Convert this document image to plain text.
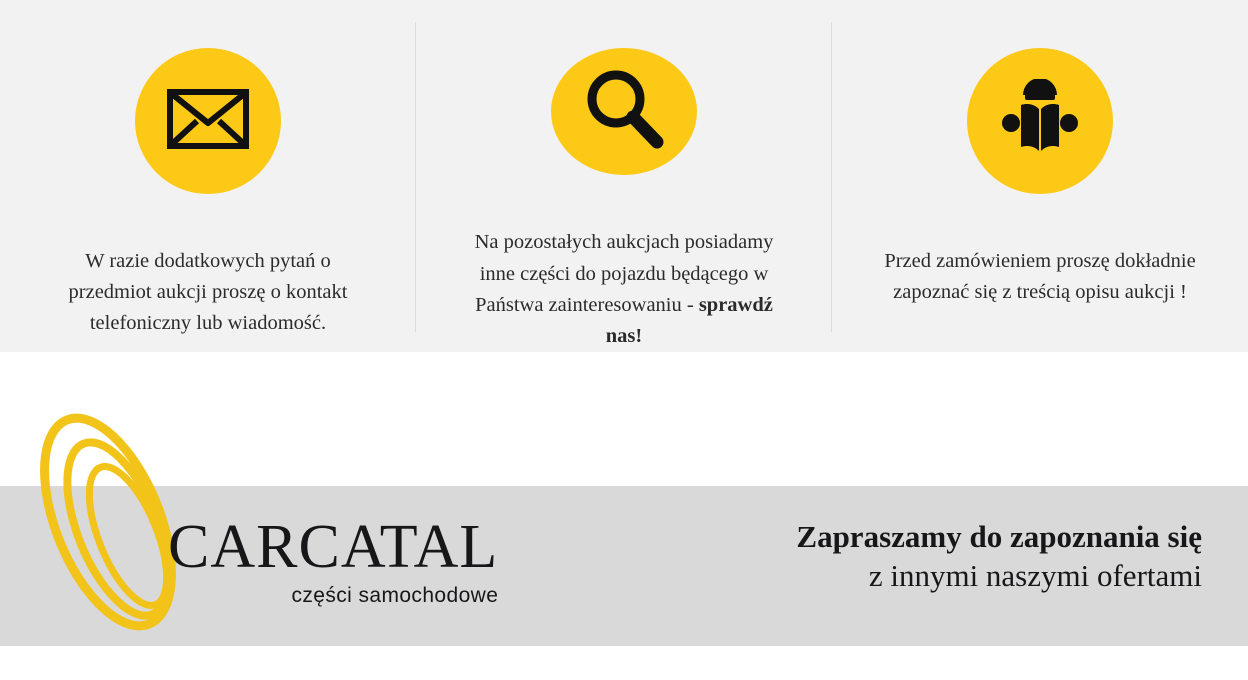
W razie dodatkowych pytań o przedmiot aukcji proszę o kontakt telefoniczny lub wiadomość.
Na pozostałych aukcjach posiadamy inne części do pojazdu będącego w Państwa zainteresowaniu - sprawdź nas!
Przed zamówieniem proszę dokładnie zapoznać się z treścią opisu aukcji !
CARCATAL
części samochodowe
Zapraszamy do zapoznania się
z innymi naszymi ofertami
